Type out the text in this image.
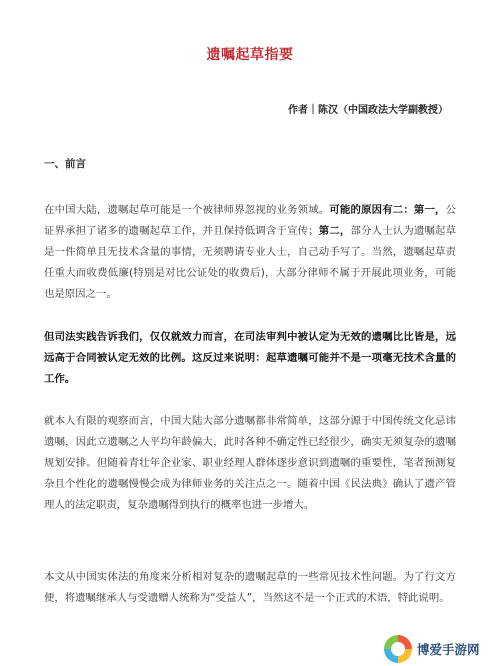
遗嘱起草指要
作者｜陈汉（中国政法大学副教授）
一、前言

在中国大陆，遗嘱起草可能是一个被律师界忽视的业务领域。可能的原因有二：第一，公证界承担了诸多的遗嘱起草工作，并且保持低调含于宣传；第二，部分人士认为遗嘱起草是一件简单且无技术含量的事情，无须聘请专业人士，自己动手写了。当然，遗嘱起草责任重大而收费低廉(特别是对比公证处的收费后)，大部分律师不属于开展此项业务，可能也是原因之一。

但司法实践告诉我们，仅仅就效力而言，在司法审判中被认定为无效的遗嘱比比皆是，远远高于合同被认定无效的比例。这反过来说明：起草遗嘱可能并不是一项毫无技术含量的工作。

就本人有限的观察而言，中国大陆大部分遗嘱都非常简单，这部分源于中国传统文化忌讳遗嘱，因此立遗嘱之人平均年龄偏大，此时各种不确定性已经很少，确实无须复杂的遗嘱规划安排。但随着青壮年企业家、职业经理人群体逐步意识到遗嘱的重要性，笔者预测复杂且个性化的遗嘱慢慢会成为律师业务的关注点之一。随着中国《民法典》确认了遗产管理人的法定职责，复杂遗嘱得到执行的概率也进一步增大。

本文从中国实体法的角度来分析相对复杂的遗嘱起草的一些常见技术性问题。为了行文方便，将遗嘱继承人与受遗赠人统称为“受益人”，当然这不是一个正式的术语，特此说明。

博爱手游网
